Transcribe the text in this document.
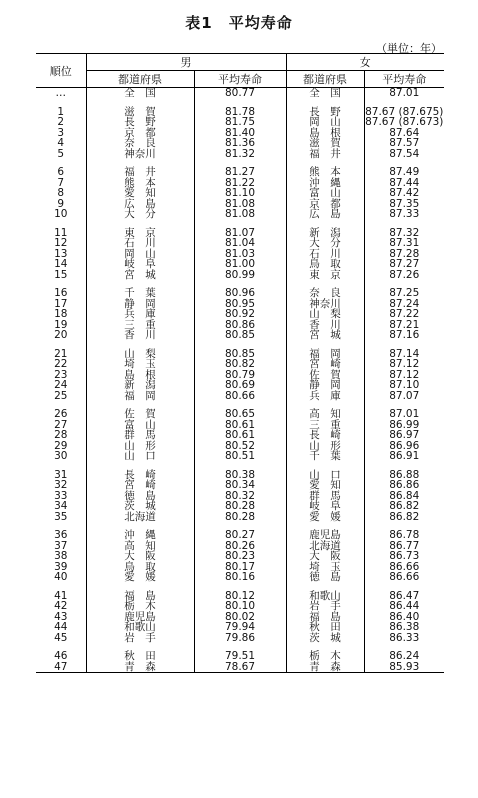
表1　平均寿命
（単位：年）
順位	男		女	
	都道府県	平均寿命	都道府県	平均寿命
…	全　国	80.77	全　国	87.01

1	滋　賀	81.78	長　野	87.67 (87.675)
2	長　野	81.75	岡　山	87.67 (87.673)
3	京　都	81.40	島　根	87.64
4	奈　良	81.36	滋　賀	87.57
5	神奈川	81.32	福　井	87.54

6	福　井	81.27	熊　本	87.49
7	熊　本	81.22	沖　縄	87.44
8	愛　知	81.10	富　山	87.42
9	広　島	81.08	京　都	87.35
10	大　分	81.08	広　島	87.33

11	東　京	81.07	新　潟	87.32
12	石　川	81.04	大　分	87.31
13	岡　山	81.03	石　川	87.28
14	岐　阜	81.00	鳥　取	87.27
15	宮　城	80.99	東　京	87.26

16	千　葉	80.96	奈　良	87.25
17	静　岡	80.95	神奈川	87.24
18	兵　庫	80.92	山　梨	87.22
19	三　重	80.86	香　川	87.21
20	香　川	80.85	宮　城	87.16

21	山　梨	80.85	福　岡	87.14
22	埼　玉	80.82	宮　崎	87.12
23	島　根	80.79	佐　賀	87.12
24	新　潟	80.69	静　岡	87.10
25	福　岡	80.66	兵　庫	87.07

26	佐　賀	80.65	高　知	87.01
27	富　山	80.61	三　重	86.99
28	群　馬	80.61	長　崎	86.97
29	山　形	80.52	山　形	86.96
30	山　口	80.51	千　葉	86.91

31	長　崎	80.38	山　口	86.88
32	宮　崎	80.34	愛　知	86.86
33	徳　島	80.32	群　馬	86.84
34	茨　城	80.28	岐　阜	86.82
35	北海道	80.28	愛　媛	86.82

36	沖　縄	80.27	鹿児島	86.78
37	高　知	80.26	北海道	86.77
38	大　阪	80.23	大　阪	86.73
39	鳥　取	80.17	埼　玉	86.66
40	愛　媛	80.16	徳　島	86.66

41	福　島	80.12	和歌山	86.47
42	栃　木	80.10	岩　手	86.44
43	鹿児島	80.02	福　島	86.40
44	和歌山	79.94	秋　田	86.38
45	岩　手	79.86	茨　城	86.33

46	秋　田	79.51	栃　木	86.24
47	青　森	78.67	青　森	85.93
